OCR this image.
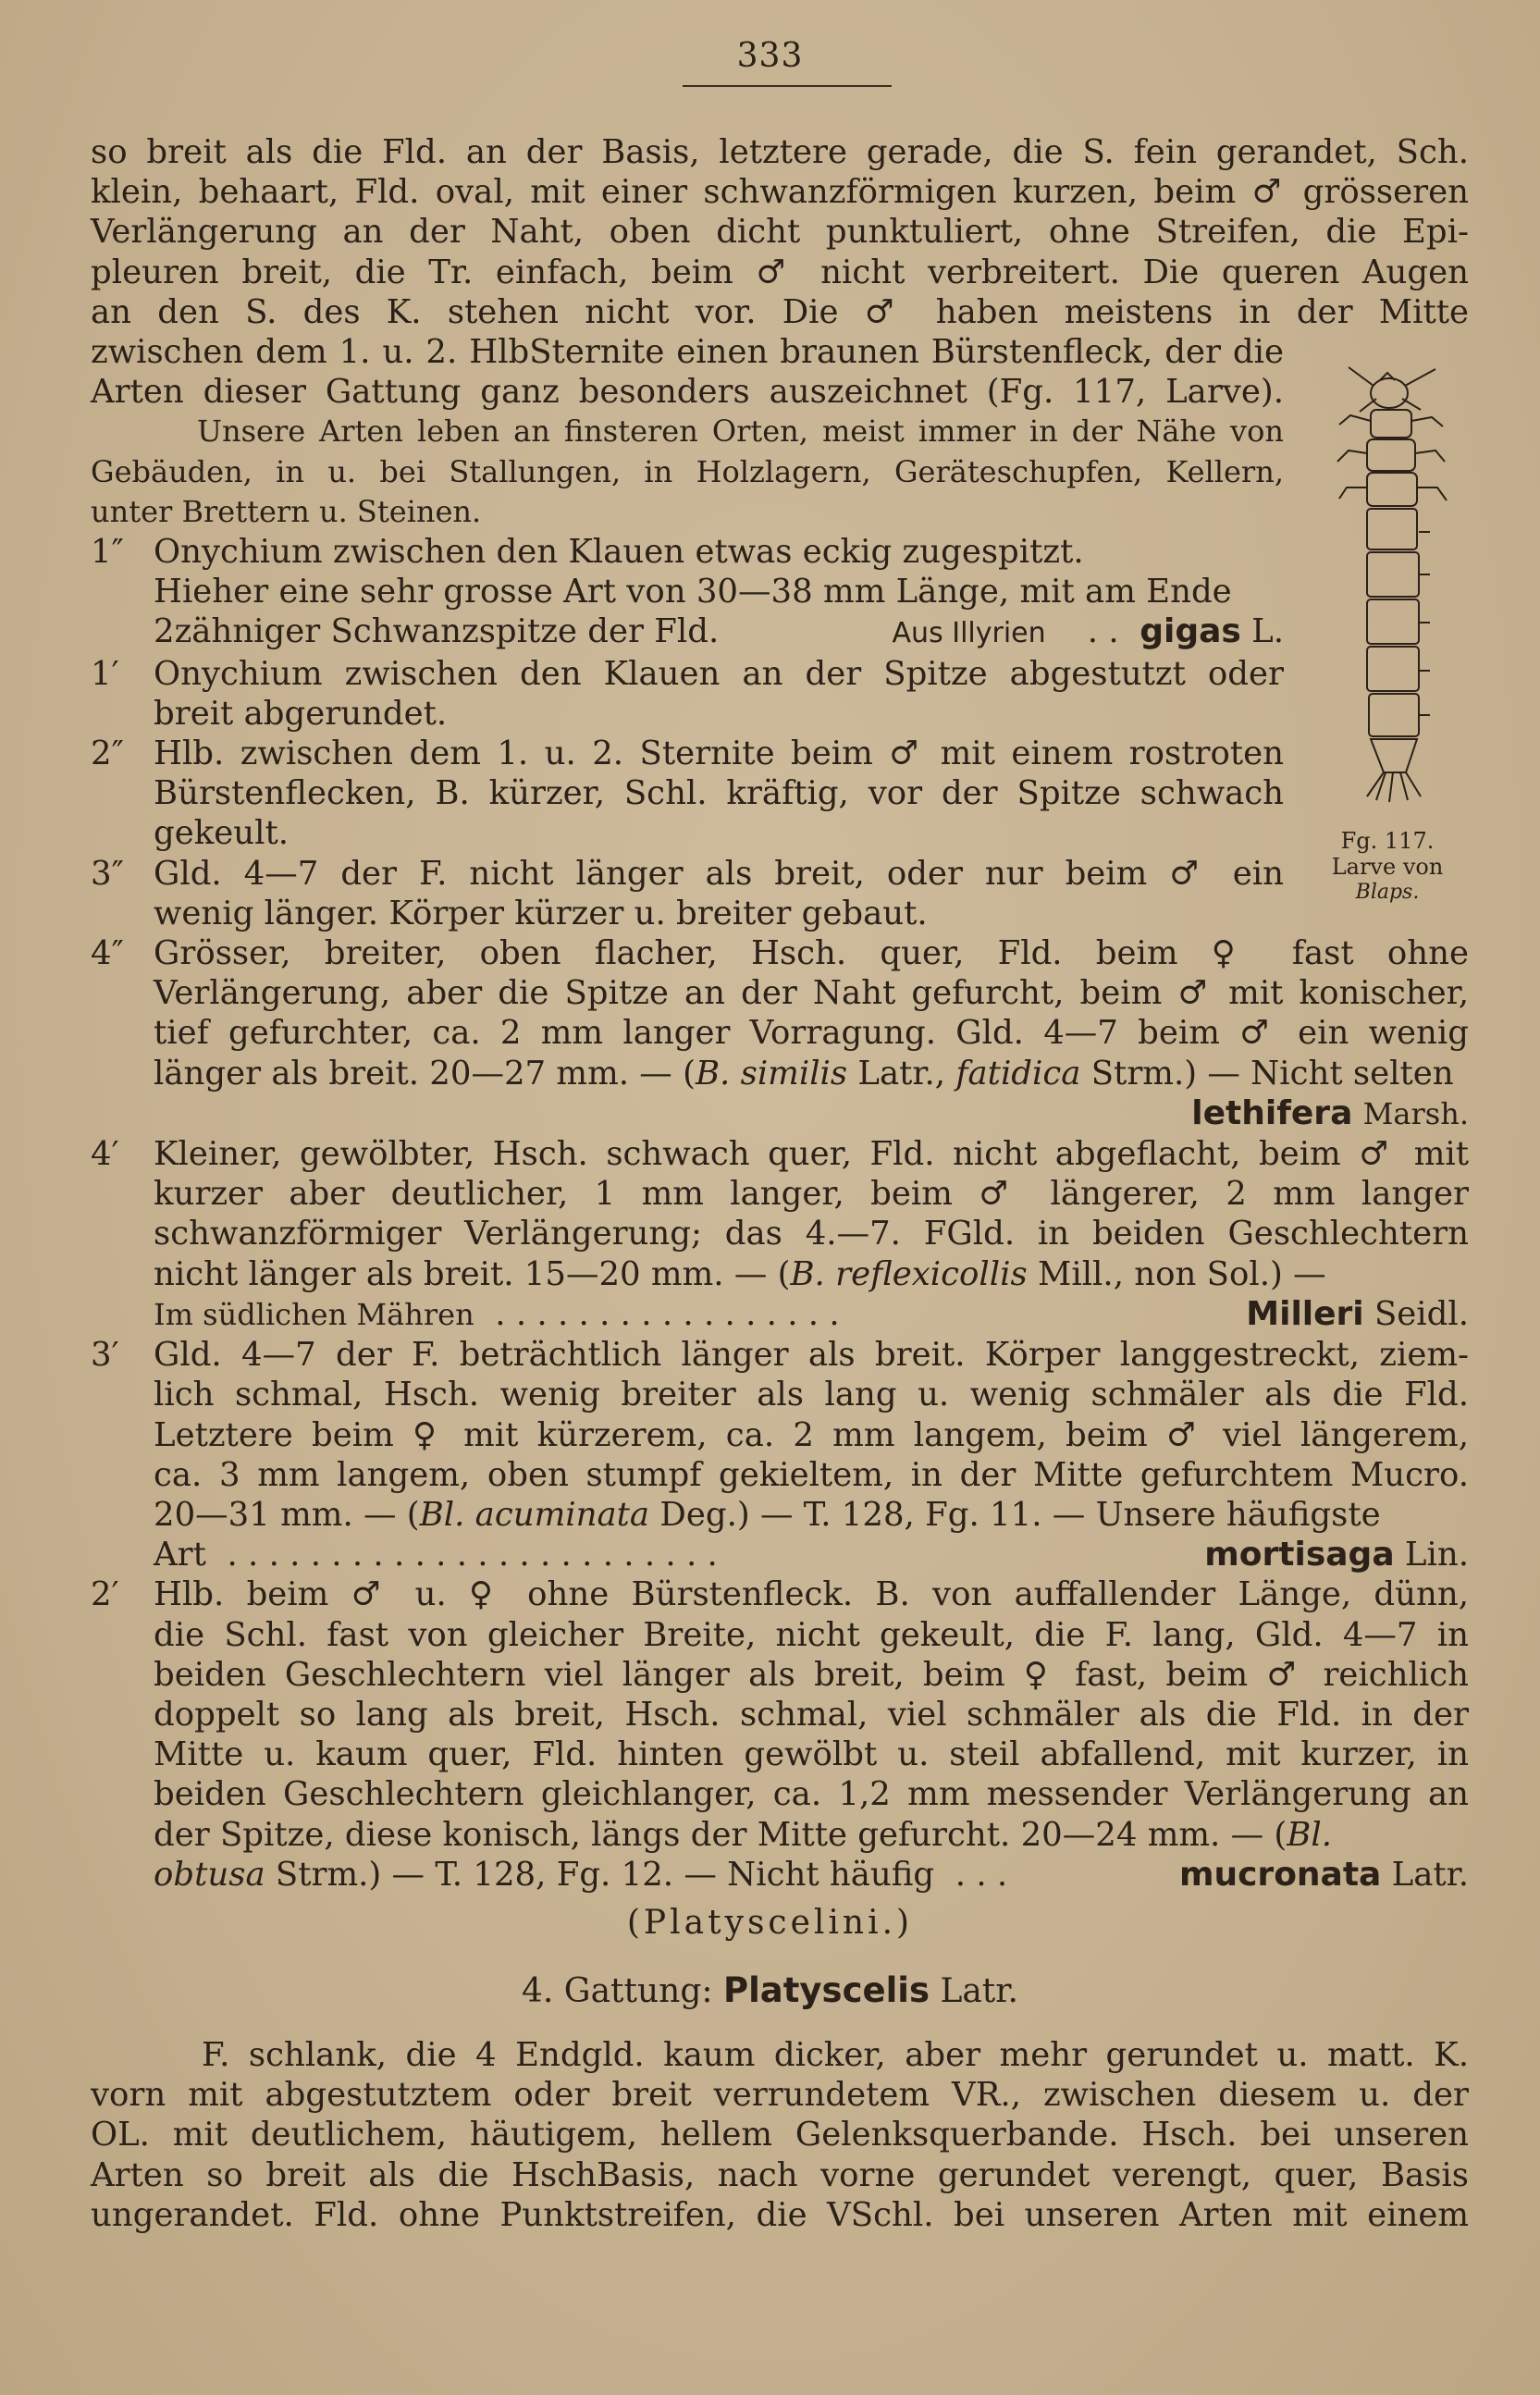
333
so breit als die Fld. an der Basis, letztere gerade, die S. fein gerandet, Sch.
klein, behaart, Fld. oval, mit einer schwanzförmigen kurzen, beim ♂ grösseren
Verlängerung an der Naht, oben dicht punktuliert, ohne Streifen, die Epi-
pleuren breit, die Tr. einfach, beim ♂ nicht verbreitert. Die queren Augen
an den S. des K. stehen nicht vor. Die ♂ haben meistens in der Mitte
zwischen dem 1. u. 2. HlbSternite einen braunen Bürstenfleck, der die
Arten dieser Gattung ganz besonders auszeichnet (Fg. 117, Larve).
Unsere Arten leben an finsteren Orten, meist immer in der Nähe von
Gebäuden, in u. bei Stallungen, in Holzlagern, Geräteschupfen, Kellern,
unter Brettern u. Steinen.
1″ Onychium zwischen den Klauen etwas eckig zugespitzt.
Hieher eine sehr grosse Art von 30—38 mm Länge, mit am Ende
2zähniger Schwanzspitze der Fld.	Aus Illyrien . . gigas L.
1′ Onychium zwischen den Klauen an der Spitze abgestutzt oder
breit abgerundet.
2″ Hlb. zwischen dem 1. u. 2. Sternite beim ♂ mit einem rostroten
Bürstenflecken, B. kürzer, Schl. kräftig, vor der Spitze schwach
gekeult.
3″ Gld. 4—7 der F. nicht länger als breit, oder nur beim ♂ ein
wenig länger. Körper kürzer u. breiter gebaut.
4″ Grösser, breiter, oben flacher, Hsch. quer, Fld. beim ♀ fast ohne
Verlängerung, aber die Spitze an der Naht gefurcht, beim ♂ mit konischer,
tief gefurchter, ca. 2 mm langer Vorragung. Gld. 4—7 beim ♂ ein wenig
länger als breit. 20—27 mm. — (B. similis Latr., fatidica Strm.) — Nicht selten
lethifera Marsh.
4′ Kleiner, gewölbter, Hsch. schwach quer, Fld. nicht abgeflacht, beim ♂ mit
kurzer aber deutlicher, 1 mm langer, beim ♂ längerer, 2 mm langer
schwanzförmiger Verlängerung; das 4.—7. FGld. in beiden Geschlechtern
nicht länger als breit. 15—20 mm. — (B. reflexicollis Mill., non Sol.) —
Im südlichen Mähren . . . . . . . . . . . . . . . . .	Milleri Seidl.
3′ Gld. 4—7 der F. beträchtlich länger als breit. Körper langgestreckt, ziem-
lich schmal, Hsch. wenig breiter als lang u. wenig schmäler als die Fld.
Letztere beim ♀ mit kürzerem, ca. 2 mm langem, beim ♂ viel längerem,
ca. 3 mm langem, oben stumpf gekieltem, in der Mitte gefurchtem Mucro.
20—31 mm. — (Bl. acuminata Deg.) — T. 128, Fg. 11. — Unsere häufigste
Art . . . . . . . . . . . . . . . . . . . . . . . .	mortisaga Lin.
2′ Hlb. beim ♂ u. ♀ ohne Bürstenfleck. B. von auffallender Länge, dünn,
die Schl. fast von gleicher Breite, nicht gekeult, die F. lang, Gld. 4—7 in
beiden Geschlechtern viel länger als breit, beim ♀ fast, beim ♂ reichlich
doppelt so lang als breit, Hsch. schmal, viel schmäler als die Fld. in der
Mitte u. kaum quer, Fld. hinten gewölbt u. steil abfallend, mit kurzer, in
beiden Geschlechtern gleichlanger, ca. 1,2 mm messender Verlängerung an
der Spitze, diese konisch, längs der Mitte gefurcht. 20—24 mm. — (Bl.
obtusa Strm.) — T. 128, Fg. 12. — Nicht häufig . . .	mucronata Latr.
Fg. 117.
Larve von
Blaps.
(Platyscelini.)
4. Gattung: Platyscelis Latr.
F. schlank, die 4 Endgld. kaum dicker, aber mehr gerundet u. matt. K.
vorn mit abgestutztem oder breit verrundetem VR., zwischen diesem u. der
OL. mit deutlichem, häutigem, hellem Gelenksquerbande. Hsch. bei unseren
Arten so breit als die HschBasis, nach vorne gerundet verengt, quer, Basis
ungerandet. Fld. ohne Punktstreifen, die VSchl. bei unseren Arten mit einem
